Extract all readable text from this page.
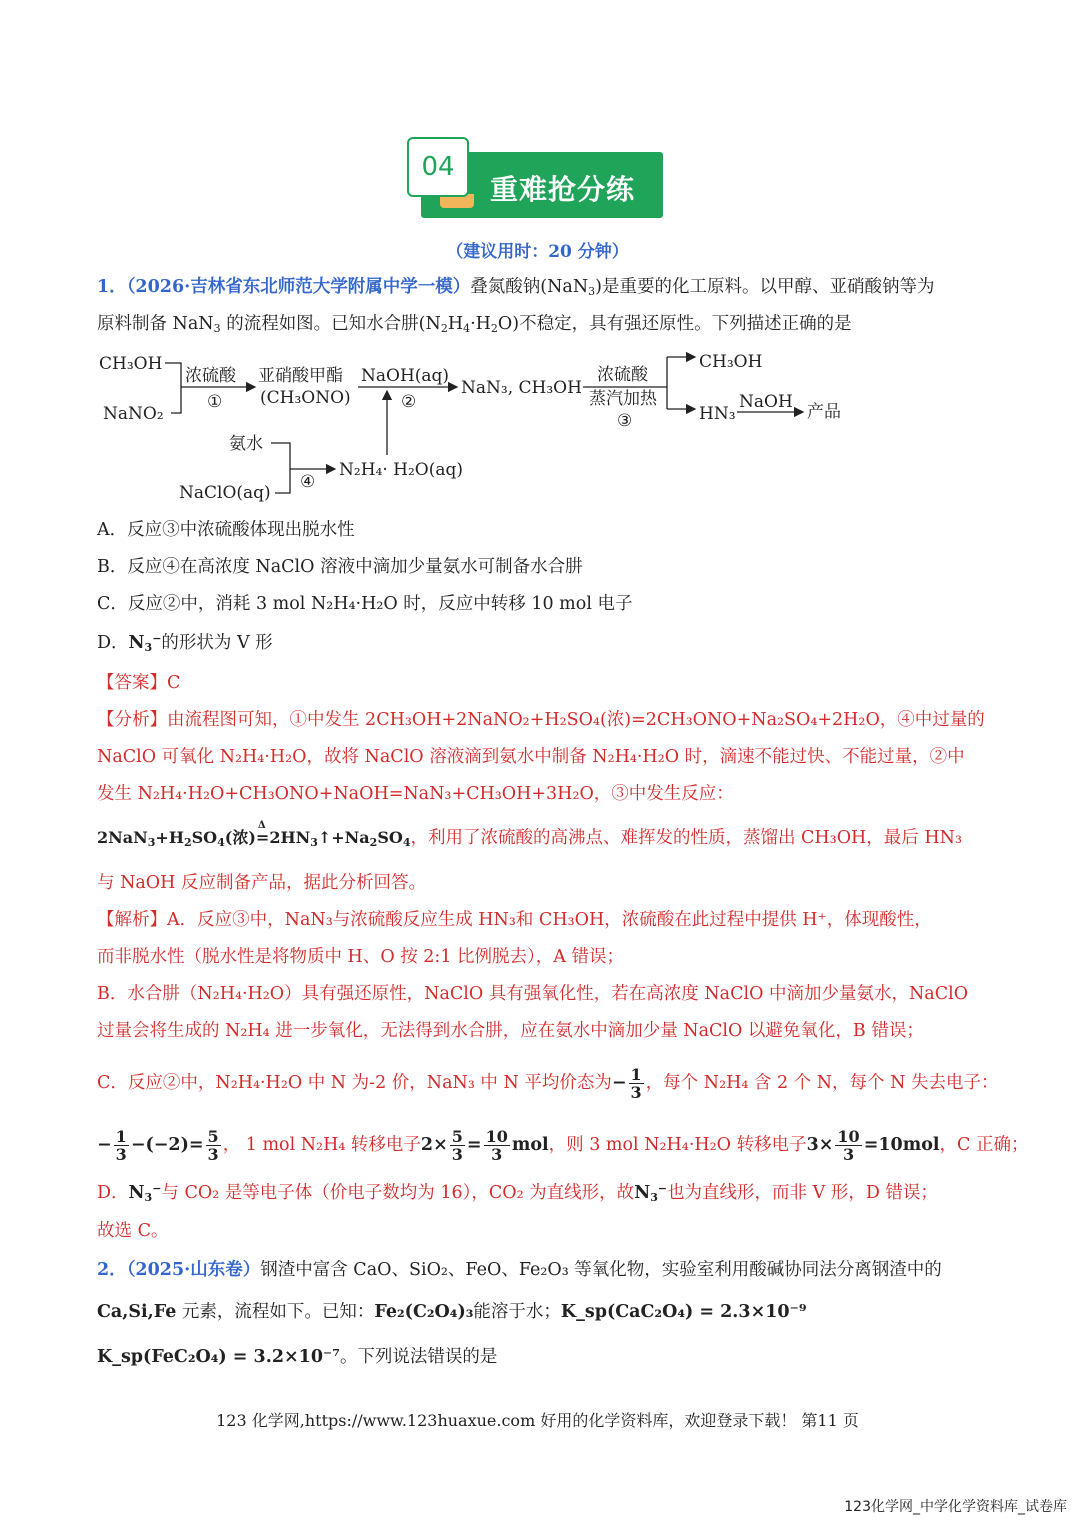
04
重难抢分练
（建议用时：20 分钟）
1．（2026·吉林省东北师范大学附属中学一模）叠氮酸钠(NaN$_3$)是重要的化工原料。以甲醇、亚硝酸钠等为
原料制备 NaN$_3$ 的流程如图。已知水合肼$(N_2H_4\cdot H_2O)$不稳定，具有强还原性。下列描述正确的是
CH₃OH
NaNO₂
浓硫酸
①
亚硝酸甲酯
(CH₃ONO)
NaOH(aq)
②
NaN₃, CH₃OH
浓硫酸
蒸汽加热
③
CH₃OH
HN₃
NaOH 产品
氨水
NaClO(aq)
④
N₂H₄· H₂O(aq)
A．反应③中浓硫酸体现出脱水性
B．反应④在高浓度 NaClO 溶液中滴加少量氨水可制备水合肼
C．反应②中，消耗 3 mol N₂H₄·H₂O 时，反应中转移 10 mol 电子
D．$N_3^-$的形状为 V 形
【答案】C
【分析】由流程图可知，①中发生 2CH₃OH+2NaNO₂+H₂SO₄(浓)=2CH₃ONO+Na₂SO₄+2H₂O，④中过量的
NaClO 可氧化 N₂H₄·H₂O，故将 NaClO 溶液滴到氨水中制备 N₂H₄·H₂O 时，滴速不能过快、不能过量，②中
发生 N₂H₄·H₂O+CH₃ONO+NaOH=NaN₃+CH₃OH+3H₂O，③中发生反应：
$2NaN_3+H_2SO_4$(浓)=
Δ
$2HN_3↑+Na_2SO_4$，利用了浓硫酸的高沸点、难挥发的性质，蒸馏出 CH₃OH，最后 HN₃
与 NaOH 反应制备产品，据此分析回答。
【解析】A．反应③中，NaN₃与浓硫酸反应生成 HN₃和 CH₃OH，浓硫酸在此过程中提供 H⁺，体现酸性，
而非脱水性（脱水性是将物质中 H、O 按 2:1 比例脱去），A 错误；
B．水合肼（N₂H₄·H₂O）具有强还原性，NaClO 具有强氧化性，若在高浓度 NaClO 中滴加少量氨水，NaClO
过量会将生成的 N₂H₄ 进一步氧化，无法得到水合肼，应在氨水中滴加少量 NaClO 以避免氧化，B 错误；
C．反应②中，N₂H₄·H₂O 中 N 为-2 价，NaN₃ 中 N 平均价态为− $\frac{1}{3}$ ，每个 N₂H₄ 含 2 个 N，每个 N 失去电子：
− $\frac{1}{3} -(-2)= \frac{5}{3}$ ， 1 mol N₂H₄ 转移电子$2\times \frac{5}{3} = \frac{10}{3}$ mol，则 3 mol N₂H₄·H₂O 转移电子$3\times \frac{10}{3} =10mol$，C 正确；
D．$N_3^-$与 CO₂ 是等电子体（价电子数均为 16），CO₂ 为直线形，故$N_3^-$也为直线形，而非 V 形，D 错误；
故选 C。
2．（2025·山东卷）钢渣中富含 CaO、SiO₂、FeO、Fe₂O₃ 等氧化物，实验室利用酸碱协同法分离钢渣中的
Ca,Si,Fe 元素，流程如下。已知：Fe₂(C₂O₄)₃能溶于水；K_sp(CaC₂O₄) = 2.3×10⁻⁹
K_sp(FeC₂O₄) = 3.2×10⁻⁷。下列说法错误的是
123 化学网,https://www.123huaxue.com 好用的化学资料库，欢迎登录下载！ 第11 页
123化学网_中学化学资料库_试卷库
